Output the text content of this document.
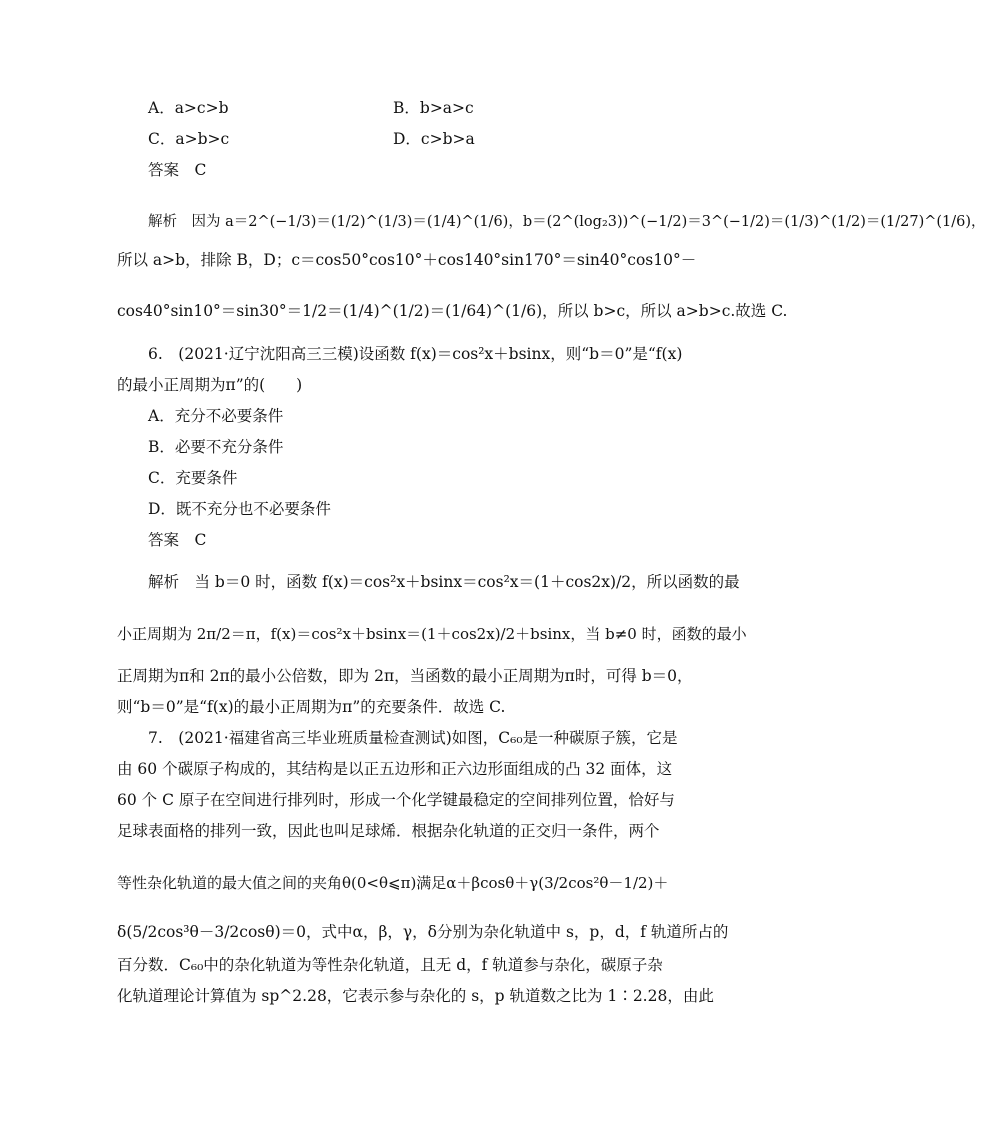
A．a>c>b	B．b>a>c
C．a>b>c	D．c>b>a
答案　C
解析　因为 a＝2^(−1/3)＝(1/2)^(1/3)＝(1/4)^(1/6)，b＝(2^(log₂3))^(−1/2)＝3^(−1/2)＝(1/3)^(1/2)＝(1/27)^(1/6)，
所以 a>b，排除 B，D；c＝cos50°cos10°＋cos140°sin170°＝sin40°cos10°－
cos40°sin10°＝sin30°＝1/2＝(1/4)^(1/2)＝(1/64)^(1/6)，所以 b>c，所以 a>b>c.故选 C.
6.　(2021·辽宁沈阳高三三模)设函数 f(x)＝cos²x＋bsinx，则“b＝0”是“f(x)
的最小正周期为π”的(　　)
A．充分不必要条件
B．必要不充分条件
C．充要条件
D．既不充分也不必要条件
答案　C
解析　当 b＝0 时，函数 f(x)＝cos²x＋bsinx＝cos²x＝(1＋cos2x)/2，所以函数的最
小正周期为 2π/2＝π，f(x)＝cos²x＋bsinx＝(1＋cos2x)/2＋bsinx，当 b≠0 时，函数的最小
正周期为π和 2π的最小公倍数，即为 2π，当函数的最小正周期为π时，可得 b＝0，
则“b＝0”是“f(x)的最小正周期为π”的充要条件．故选 C.
7.　(2021·福建省高三毕业班质量检查测试)如图，C₆₀是一种碳原子簇，它是
由 60 个碳原子构成的，其结构是以正五边形和正六边形面组成的凸 32 面体，这
60 个 C 原子在空间进行排列时，形成一个化学键最稳定的空间排列位置，恰好与
足球表面格的排列一致，因此也叫足球烯．根据杂化轨道的正交归一条件，两个
等性杂化轨道的最大值之间的夹角θ(0<θ⩽π)满足α＋βcosθ＋γ(3/2cos²θ－1/2)＋
δ(5/2cos³θ－3/2cosθ)＝0，式中α，β，γ，δ分别为杂化轨道中 s，p，d，f 轨道所占的
百分数．C₆₀中的杂化轨道为等性杂化轨道，且无 d，f 轨道参与杂化，碳原子杂
化轨道理论计算值为 sp^2.28，它表示参与杂化的 s，p 轨道数之比为 1∶2.28，由此
